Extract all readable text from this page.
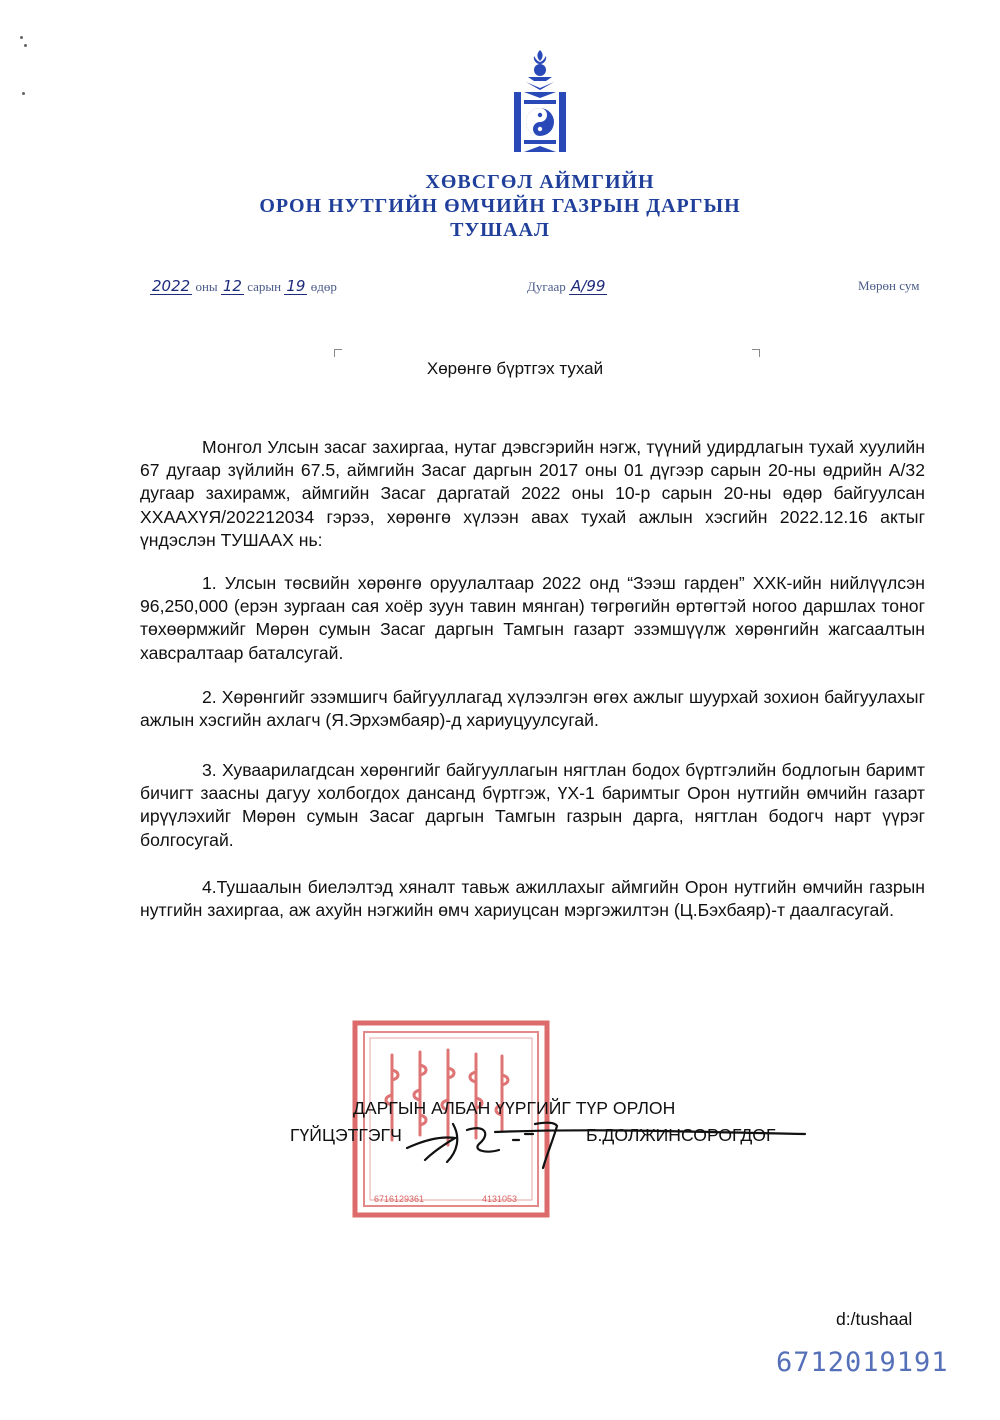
ХӨВСГӨЛ АЙМГИЙН
ОРОН НУТГИЙН ӨМЧИЙН ГАЗРЫН ДАРГЫН
ТУШААЛ
2022 оны 12 сарын 19 өдөр	Дугаар А/99	Мөрөн сум
Хөрөнгө бүртгэх тухай

Монгол Улсын засаг захиргаа, нутаг дэвсгэрийн нэгж, түүний удирдлагын тухай хуулийн 67 дугаар зүйлийн 67.5, аймгийн Засаг даргын 2017 оны 01 дүгээр сарын 20-ны өдрийн А/32 дугаар захирамж, аймгийн Засаг даргатай 2022 оны 10-р сарын 20-ны өдөр байгуулсан ХХААХҮЯ/202212034 гэрээ, хөрөнгө хүлээн авах тухай ажлын хэсгийн 2022.12.16 актыг үндэслэн ТУШААХ нь:

1. Улсын төсвийн хөрөнгө оруулалтаар 2022 онд “Зээш гарден” ХХК-ийн нийлүүлсэн 96,250,000 (ерэн зургаан сая хоёр зуун тавин мянган) төгрөгийн өртөгтэй ногоо даршлах тоног төхөөрмжийг Мөрөн сумын Засаг даргын Тамгын газарт эзэмшүүлж хөрөнгийн жагсаалтын хавсралтаар баталсугай.

2. Хөрөнгийг эзэмшигч байгууллагад хүлээлгэн өгөх ажлыг шуурхай зохион байгуулахыг ажлын хэсгийн ахлагч (Я.Эрхэмбаяр)-д хариуцуулсугай.

3. Хуваарилагдсан хөрөнгийг байгууллагын нягтлан бодох бүртгэлийн бодлогын баримт бичигт заасны дагуу холбогдох дансанд бүртгэж, ҮХ-1 баримтыг Орон нутгийн өмчийн газарт ирүүлэхийг Мөрөн сумын Засаг даргын Тамгын газрын дарга, нягтлан бодогч нарт үүрэг болгосугай.

4.Тушаалын биелэлтэд хяналт тавьж ажиллахыг аймгийн Орон нутгийн өмчийн газрын нутгийн захиргаа, аж ахуйн нэгжийн өмч хариуцсан мэргэжилтэн (Ц.Бэхбаяр)-т даалгасугай.

6716129361	4131053
ДАРГЫН АЛБАН ҮҮРГИЙГ ТҮР ОРЛОН
ГҮЙЦЭТГЭГЧ	Б.ДОЛЖИНСОРОГДОГ
d:/tushaal
6712019191
